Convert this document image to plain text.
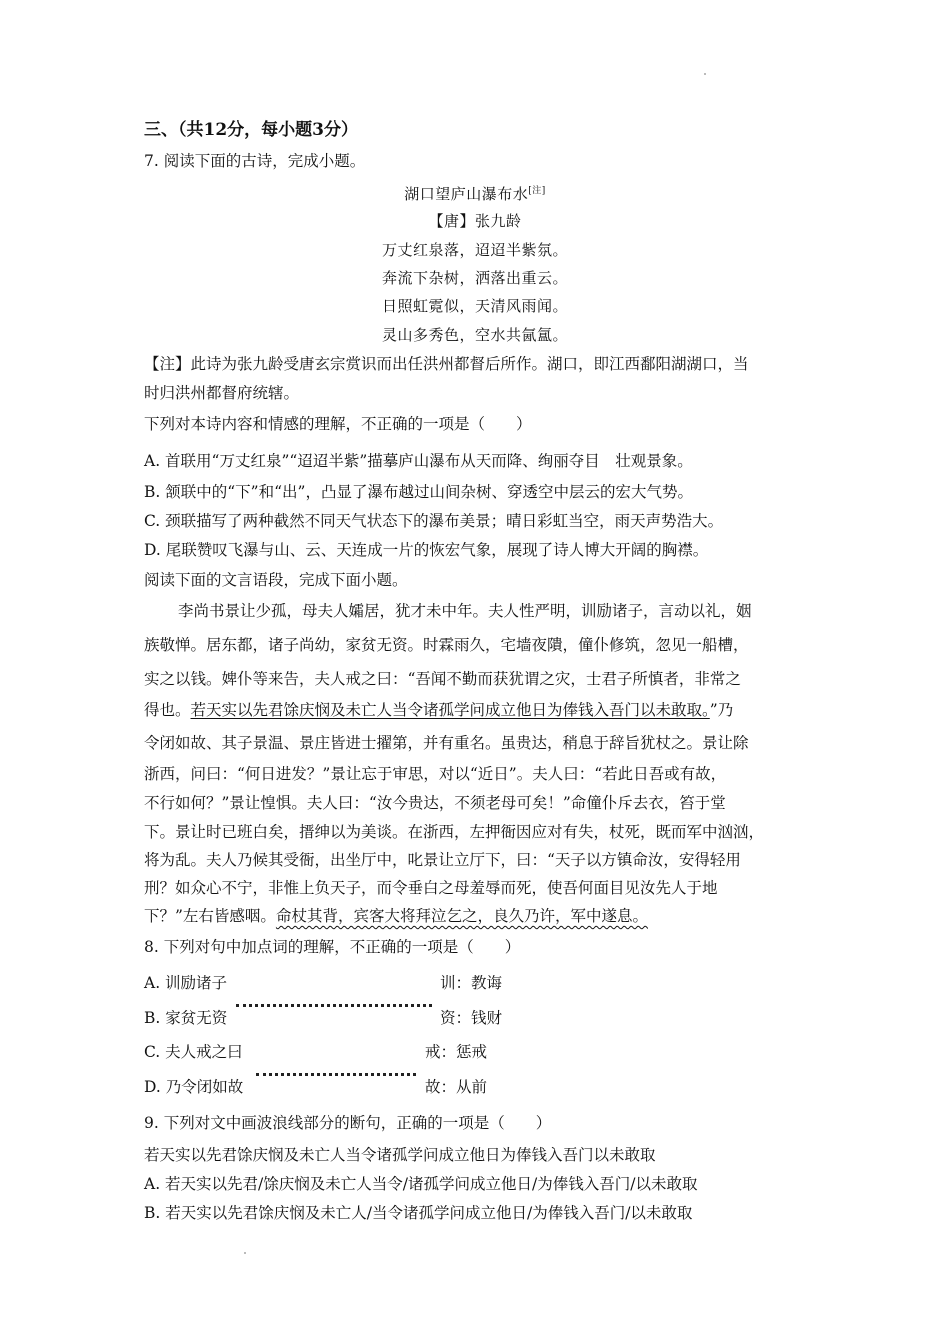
三、（共12分，每小题3分）
7. 阅读下面的古诗，完成小题。
湖口望庐山瀑布水[注]
【唐】张九龄
万丈红泉落，迢迢半紫氛。
奔流下杂树，洒落出重云。
日照虹霓似，天清风雨闻。
灵山多秀色，空水共氤氲。
【注】此诗为张九龄受唐玄宗赏识而出任洪州都督后所作。湖口，即江西鄱阳湖湖口，当
时归洪州都督府统辖。
下列对本诗内容和情感的理解，不正确的一项是（　　）
A. 首联用“万丈红泉”“迢迢半紫”描摹庐山瀑布从天而降、绚丽夺目　壮观景象。
B. 颔联中的“下”和“出”，凸显了瀑布越过山间杂树、穿透空中层云的宏大气势。
C. 颈联描写了两种截然不同天气状态下的瀑布美景；晴日彩虹当空，雨天声势浩大。
D. 尾联赞叹飞瀑与山、云、天连成一片的恢宏气象，展现了诗人博大开阔的胸襟。
阅读下面的文言语段，完成下面小题。
李尚书景让少孤，母夫人孀居，犹才未中年。夫人性严明，训励诸子，言动以礼，姻
族敬惮。居东都，诸子尚幼，家贫无资。时霖雨久，宅墙夜隤，僮仆修筑，忽见一船槽，
实之以钱。婢仆等来告，夫人戒之曰：“吾闻不勤而获犹谓之灾，士君子所慎者，非常之
得也。若天实以先君馀庆悯及未亡人当令诸孤学问成立他日为俸钱入吾门以未敢取。”乃
令闭如故、其子景温、景庄皆进士擢第，并有重名。虽贵达，稍息于辞旨犹杖之。景让除
浙西，问曰：“何日进发？”景让忘于审思，对以“近日”。夫人曰：“若此日吾或有故，
不行如何？”景让惶惧。夫人曰：“汝今贵达，不须老母可矣！”命僮仆斥去衣，笞于堂
下。景让时已班白矣，搢绅以为美谈。在浙西，左押衙因应对有失，杖死，既而军中汹汹，
将为乱。夫人乃候其受衙，出坐厅中，叱景让立厅下，曰：“天子以方镇命汝，安得轻用
刑？如众心不宁，非惟上负天子，而令垂白之母羞辱而死，使吾何面目见汝先人于地
下？”左右皆感咽。命杖其背，宾客大将拜泣乞之，良久乃许，军中遂息。
8. 下列对句中加点词的理解，不正确的一项是（　　）
A. 训励诸子	训：教诲
B. 家贫无资	资：钱财
C. 夫人戒之曰	戒：惩戒
D. 乃令闭如故	故：从前
9. 下列对文中画波浪线部分的断句，正确的一项是（　　）
若天实以先君馀庆悯及未亡人当令诸孤学问成立他日为俸钱入吾门以未敢取
A. 若天实以先君/馀庆悯及未亡人当令/诸孤学问成立他日/为俸钱入吾门/以未敢取
B. 若天实以先君馀庆悯及未亡人/当令诸孤学问成立他日/为俸钱入吾门/以未敢取
